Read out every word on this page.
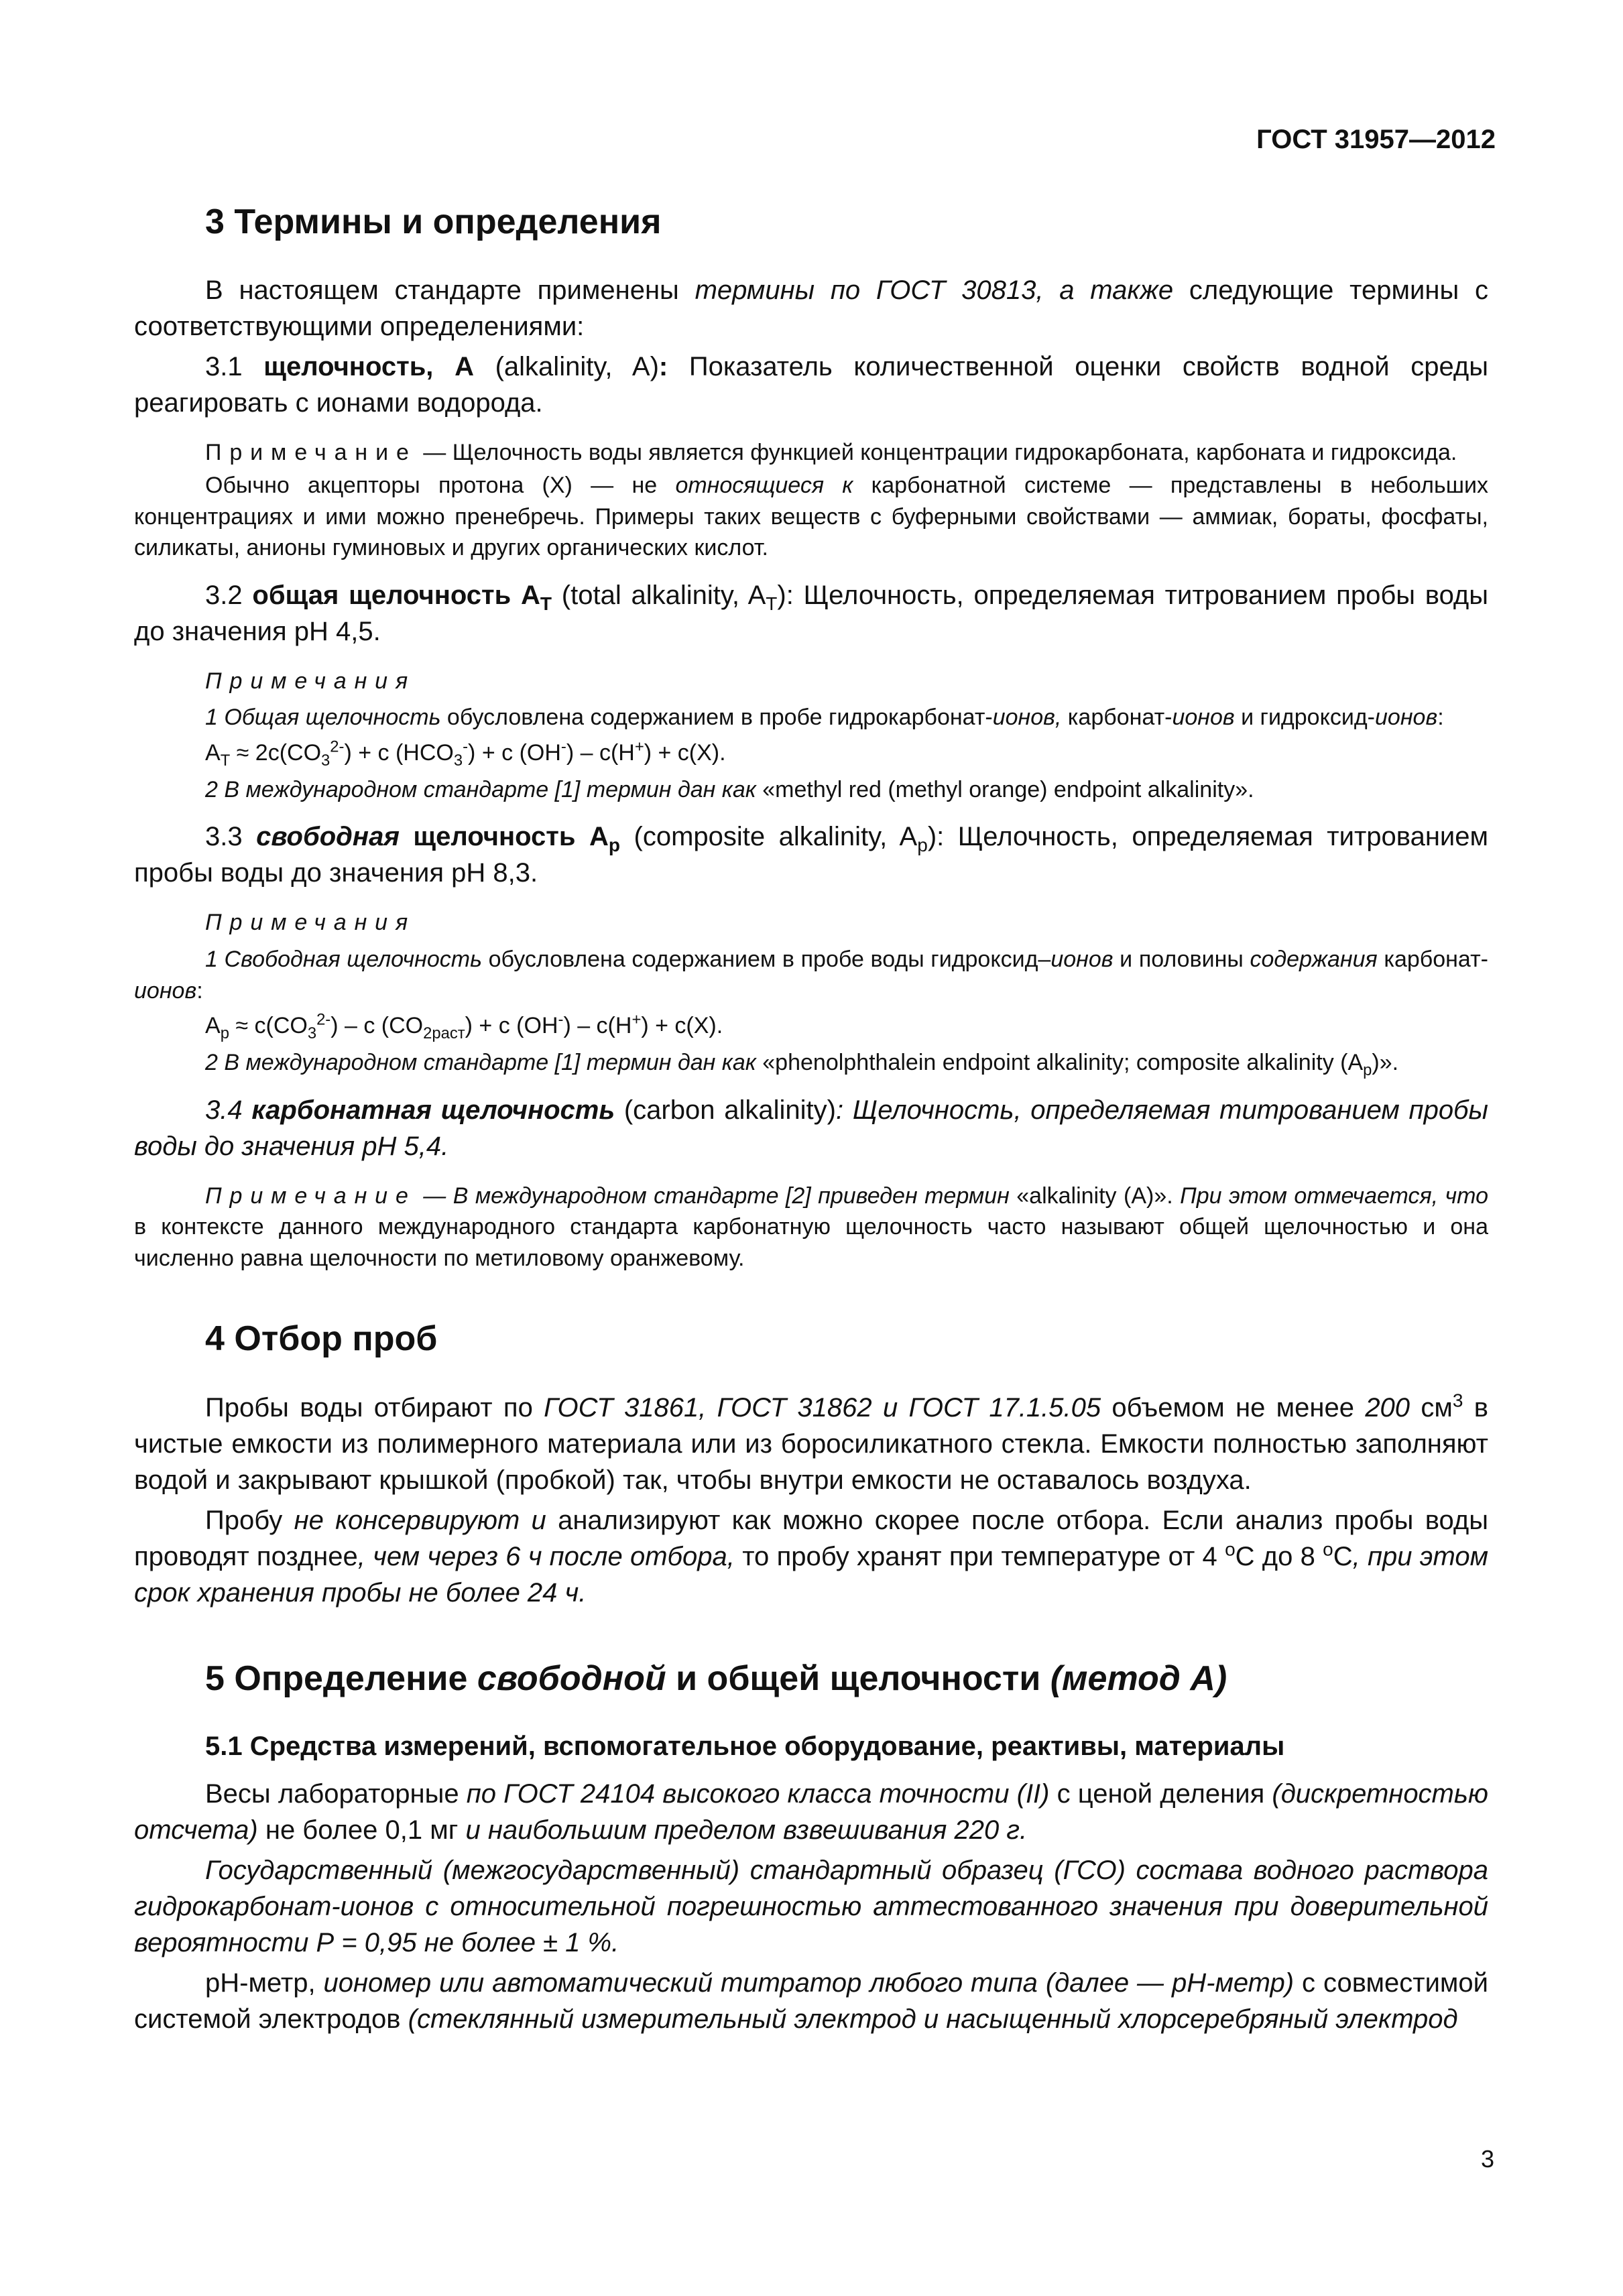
ГОСТ 31957—2012
3 Термины и определения

В настоящем стандарте применены термины по ГОСТ 30813, а также следующие термины с соответствующими определениями:

3.1 щелочность, А (alkalinity, A): Показатель количественной оценки свойств водной среды реагировать с ионами водорода.

Примечание — Щелочность воды является функцией концентрации гидрокарбоната, карбоната и гидроксида.

Обычно акцепторы протона (X) — не относящиеся к карбонатной системе — представлены в небольших концентрациях и ими можно пренебречь. Примеры таких веществ с буферными свойствами — аммиак, бораты, фосфаты, силикаты, анионы гуминовых и других органических кислот.

3.2 общая щелочность $A_T$ (total alkalinity, $A_T$): Щелочность, определяемая титрованием пробы воды до значения pH 4,5.

Примечания

1 Общая щелочность обусловлена содержанием в пробе гидрокарбонат-ионов, карбонат-ионов и гидроксид-ионов:

$A_T \approx 2c(CO_3^{2-}) + c$ $(HCO_3^-) + c$ (OH-) – c(H+) + c(X).

2 В международном стандарте [1] термин дан как «methyl red (methyl orange) endpoint alkalinity».

3.3 свободная щелочность $A_p$ (composite alkalinity, $A_p$): Щелочность, определяемая титрованием пробы воды до значения pH 8,3.

Примечания

1 Свободная щелочность обусловлена содержанием в пробе воды гидроксид–ионов и половины содержания карбонат-ионов:

$A_p \approx c(CO_3^{2-}) - c$ $(CO_{2раст}) + c$ (OH-) – c(H+) + c(X).

2 В международном стандарте [1] термин дан как «phenolphthalein endpoint alkalinity; composite alkalinity $(A_p)$».

3.4 карбонатная щелочность (carbon alkalinity): Щелочность, определяемая титрованием пробы воды до значения pH 5,4.

Примечание — В международном стандарте [2] приведен термин «alkalinity (A)». При этом отмечается, что в контексте данного международного стандарта карбонатную щелочность часто называют общей щелочностью и она численно равна щелочности по метиловому оранжевому.

4 Отбор проб

Пробы воды отбирают по ГОСТ 31861, ГОСТ 31862 и ГОСТ 17.1.5.05 объемом не менее 200 $см^3$ в чистые емкости из полимерного материала или из боросиликатного стекла. Емкости полностью заполняют водой и закрывают крышкой (пробкой) так, чтобы внутри емкости не оставалось воздуха.

Пробу не консервируют и анализируют как можно скорее после отбора. Если анализ пробы воды проводят позднее, чем через 6 ч после отбора, то пробу хранят при температуре от 4 $^о$С до 8 $^о$С, при этом срок хранения пробы не более 24 ч.

5 Определение свободной и общей щелочности (метод А)
5.1 Средства измерений, вспомогательное оборудование, реактивы, материалы

Весы лабораторные по ГОСТ 24104 высокого класса точности (II) с ценой деления (дискретностью отсчета) не более 0,1 мг и наибольшим пределом взвешивания 220 г.

Государственный (межгосударственный) стандартный образец (ГСО) состава водного раствора гидрокарбонат-ионов с относительной погрешностью аттестованного значения при доверительной вероятности Р = 0,95 не более ± 1 %.

pH-метр, иономер или автоматический титратор любого типа (далее — pH-метр) с совместимой системой электродов (стеклянный измерительный электрод и насыщенный хлорсеребряный электрод

3
